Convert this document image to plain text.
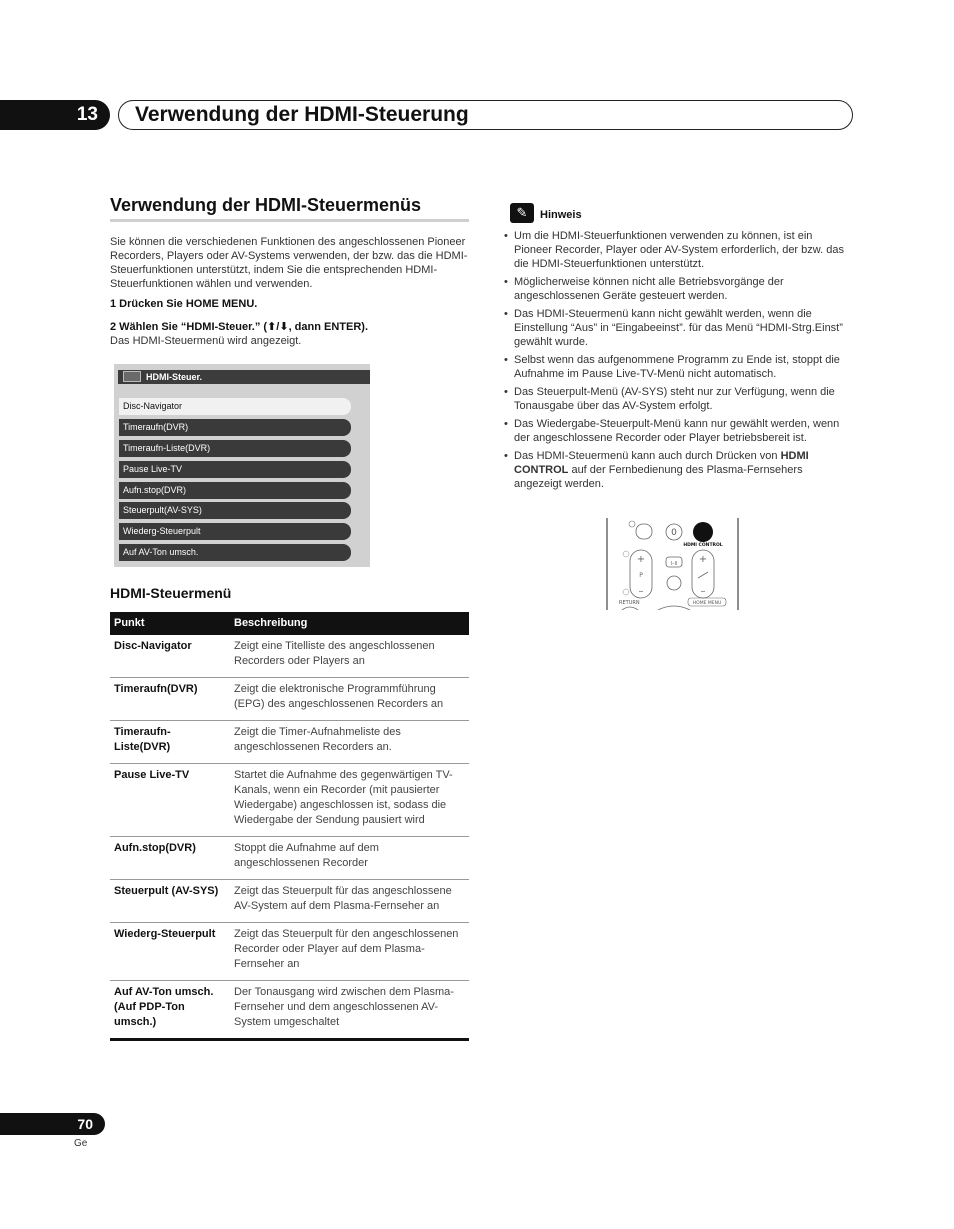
13	Verwendung der HDMI-Steuerung
Verwendung der HDMI-Steuermenüs
Sie können die verschiedenen Funktionen des angeschlossenen Pioneer Recorders, Players oder AV-Systems verwenden, der bzw. das die HDMI-Steuerfunktionen unterstützt, indem Sie die entsprechenden HDMI-Steuerfunktionen wählen und verwenden.
1 Drücken Sie HOME MENU.
2 Wählen Sie “HDMI-Steuer.” (⬆/⬇, dann ENTER).
Das HDMI-Steuermenü wird angezeigt.
HDMI-Steuer.
Disc-Navigator
Timeraufn(DVR)
Timeraufn-Liste(DVR)
Pause Live-TV
Aufn.stop(DVR)
Steuerpult(AV-SYS)
Wiederg-Steuerpult
Auf AV-Ton umsch.
HDMI-Steuermenü
Punkt	Beschreibung
Disc-Navigator	Zeigt eine Titelliste des angeschlossenen Recorders oder Players an
Timeraufn(DVR)	Zeigt die elektronische Programmführung (EPG) des angeschlossenen Recorders an
Timeraufn-Liste(DVR)	Zeigt die Timer-Aufnahmeliste des angeschlossenen Recorders an.
Pause Live-TV	Startet die Aufnahme des gegenwärtigen TV-Kanals, wenn ein Recorder (mit pausierter Wiedergabe) angeschlossen ist, sodass die Wiedergabe der Sendung pausiert wird
Aufn.stop(DVR)	Stoppt die Aufnahme auf dem angeschlossenen Recorder
Steuerpult (AV-SYS)	Zeigt das Steuerpult für das angeschlossene AV-System auf dem Plasma-Fernseher an
Wiederg-Steuerpult	Zeigt das Steuerpult für den angeschlossenen Recorder oder Player auf dem Plasma-Fernseher an
Auf AV-Ton umsch. (Auf PDP-Ton umsch.)	Der Tonausgang wird zwischen dem Plasma-Fernseher und dem angeschlossenen AV-System umgeschaltet
✎	Hinweis
• Um die HDMI-Steuerfunktionen verwenden zu können, ist ein Pioneer Recorder, Player oder AV-System erforderlich, der bzw. das die HDMI-Steuerfunktionen unterstützt.
• Möglicherweise können nicht alle Betriebsvorgänge der angeschlossenen Geräte gesteuert werden.
• Das HDMI-Steuermenü kann nicht gewählt werden, wenn die Einstellung “Aus” in “Eingabeeinst”. für das Menü “HDMI-Strg.Einst” gewählt wurde.
• Selbst wenn das aufgenommene Programm zu Ende ist, stoppt die Aufnahme im Pause Live-TV-Menü nicht automatisch.
• Das Steuerpult-Menü (AV-SYS) steht nur zur Verfügung, wenn die Tonausgabe über das AV-System erfolgt.
• Das Wiedergabe-Steuerpult-Menü kann nur gewählt werden, wenn der angeschlossene Recorder oder Player betriebsbereit ist.
• Das HDMI-Steuermenü kann auch durch Drücken von HDMI CONTROL auf der Fernbedienung des Plasma-Fernsehers angezeigt werden.
0
HDMI CONTROL
+
P
–
I–II +
–
RETURN	HOME MENU
70
Ge
